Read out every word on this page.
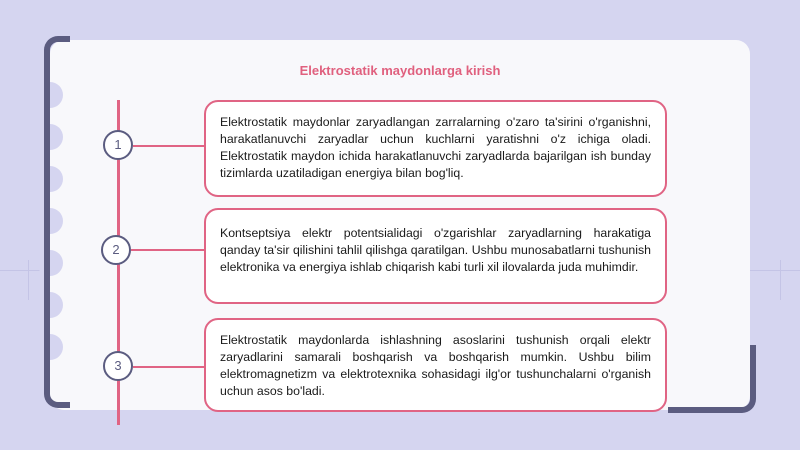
Elektrostatik maydonlarga kirish
1
Elektrostatik maydonlar zaryadlangan zarralarning o'zaro ta'sirini o'rganishni, harakatlanuvchi zaryadlar uchun kuchlarni yaratishni o'z ichiga oladi. Elektrostatik maydon ichida harakatlanuvchi zaryadlarda bajarilgan ish bunday tizimlarda uzatiladigan energiya bilan bog'liq.
2
Kontseptsiya elektr potentsialidagi o'zgarishlar zaryadlarning harakatiga qanday ta'sir qilishini tahlil qilishga qaratilgan. Ushbu munosabatlarni tushunish elektronika va energiya ishlab chiqarish kabi turli xil ilovalarda juda muhimdir.
3
Elektrostatik maydonlarda ishlashning asoslarini tushunish orqali elektr zaryadlarini samarali boshqarish va boshqarish mumkin. Ushbu bilim elektromagnetizm va elektrotexnika sohasidagi ilg'or tushunchalarni o'rganish uchun asos bo'ladi.
